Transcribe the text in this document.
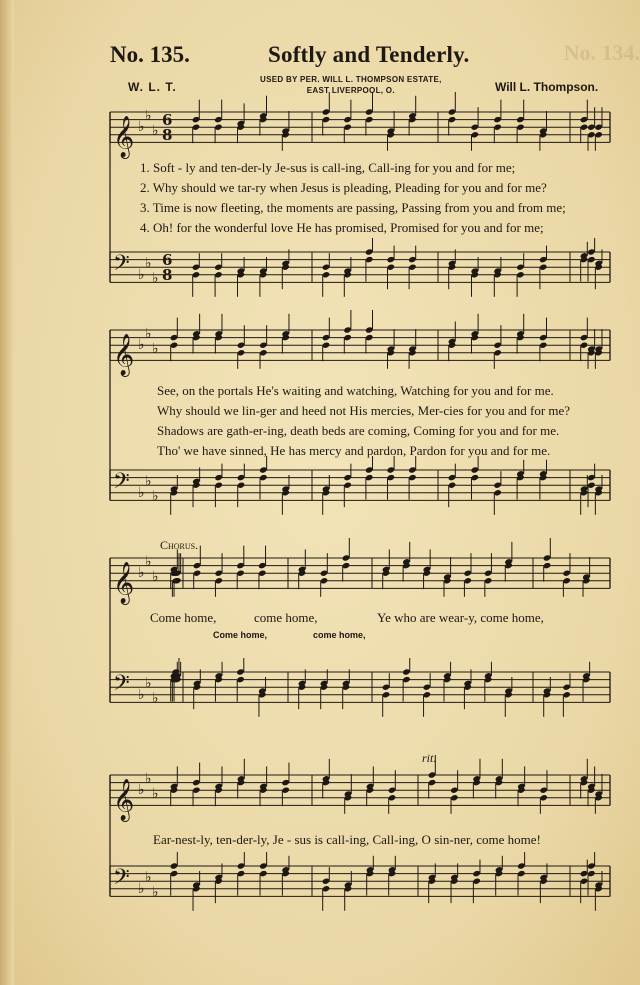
No. 134.
No. 135.	Softly and Tenderly.
W. L. T.
USED BY PER. WILL L. THOMPSON ESTATE,
EAST LIVERPOOL, O.	Will L. Thompson.
𝄞 ♭
♭
♭
6
8
𝄢 ♭
♭
♭
6
8
𝄞 ♭
♭
♭
𝄢 ♭
♭
♭
𝄞 ♭
♭
♭
𝄢 ♭
♭
♭
𝄞 ♭
♭
♭
𝄢 ♭
♭
♭
1. Soft - ly and ten-der-ly Je-sus is call-ing, Call-ing for you and for me;
2. Why should we tar-ry when Jesus is pleading, Pleading for you and for me?
3. Time is now fleeting, the moments are passing, Passing from you and from me;
4. Oh! for the wonderful love He has promised, Promised for you and for me;
See, on the portals He's waiting and watching, Watching for you and for me.
Why should we lin-ger and heed not His mercies, Mer-cies for you and for me?
Shadows are gath-er-ing, death beds are coming, Coming for you and for me.
Tho' we have sinned, He has mercy and pardon, Pardon for you and for me.
Chorus.
Come home,	come home,	Ye who are wear-y, come home,
Come home,	come home,
rit.
Ear-nest-ly, ten-der-ly, Je - sus is call-ing, Call-ing, O sin-ner, come home!
